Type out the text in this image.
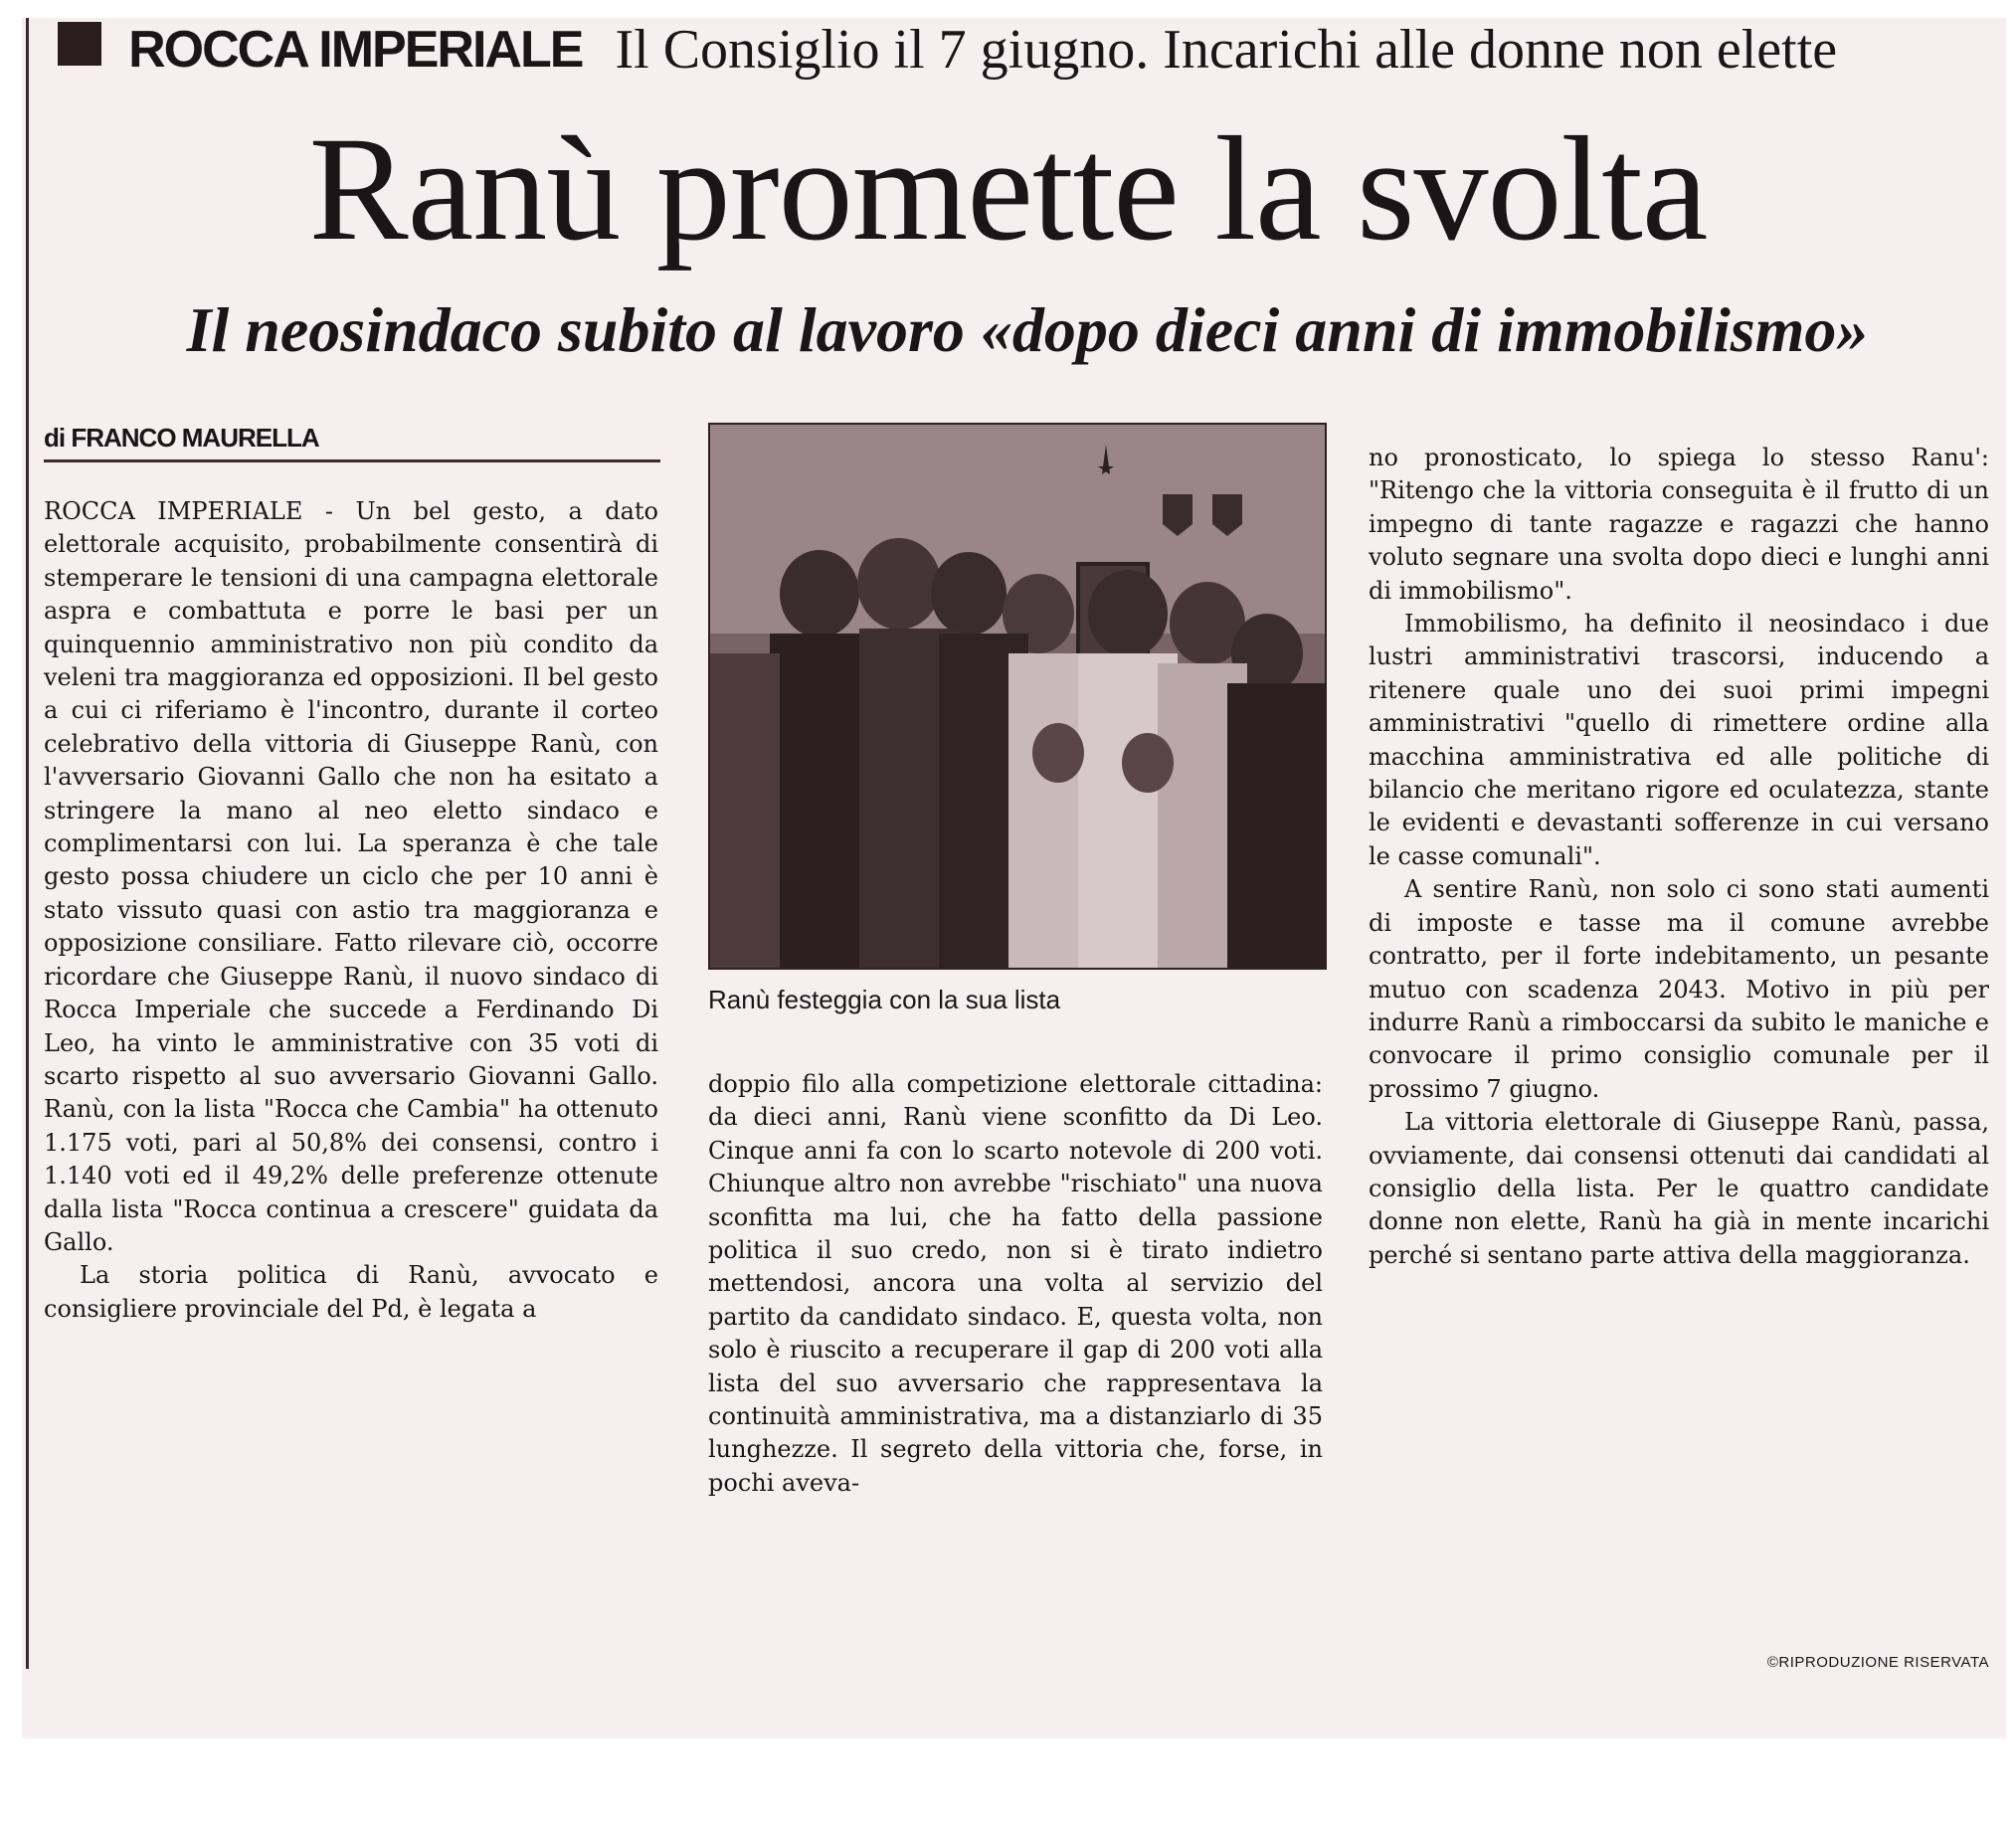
ROCCA IMPERIALE Il Consiglio il 7 giugno. Incarichi alle donne non elette
Ranù promette la svolta
Il neosindaco subito al lavoro «dopo dieci anni di immobilismo»
di FRANCO MAURELLA

ROCCA IMPERIALE - Un bel gesto, a dato elettorale acquisito, probabilmente consentirà di stemperare le tensioni di una campagna elettorale aspra e combattuta e porre le basi per un quinquennio amministrativo non più condito da veleni tra maggioranza ed opposizioni. Il bel gesto a cui ci riferiamo è l'incontro, durante il corteo celebrativo della vittoria di Giuseppe Ranù, con l'avversario Giovanni Gallo che non ha esitato a stringere la mano al neo eletto sindaco e complimentarsi con lui. La speranza è che tale gesto possa chiudere un ciclo che per 10 anni è stato vissuto quasi con astio tra maggioranza e opposizione consiliare. Fatto rilevare ciò, occorre ricordare che Giuseppe Ranù, il nuovo sindaco di Rocca Imperiale che succede a Ferdinando Di Leo, ha vinto le amministrative con 35 voti di scarto rispetto al suo avversario Giovanni Gallo. Ranù, con la lista "Rocca che Cambia" ha ottenuto 1.175 voti, pari al 50,8% dei consensi, contro i 1.140 voti ed il 49,2% delle preferenze ottenute dalla lista "Rocca continua a crescere" guidata da Gallo.

La storia politica di Ranù, avvocato e consigliere provinciale del Pd, è legata a

Ranù festeggia con la sua lista

doppio filo alla competizione elettorale cittadina: da dieci anni, Ranù viene sconfitto da Di Leo. Cinque anni fa con lo scarto notevole di 200 voti. Chiunque altro non avrebbe "rischiato" una nuova sconfitta ma lui, che ha fatto della passione politica il suo credo, non si è tirato indietro mettendosi, ancora una volta al servizio del partito da candidato sindaco. E, questa volta, non solo è riuscito a recuperare il gap di 200 voti alla lista del suo avversario che rappresentava la continuità amministrativa, ma a distanziarlo di 35 lunghezze. Il segreto della vittoria che, forse, in pochi aveva-

no pronosticato, lo spiega lo stesso Ranu': "Ritengo che la vittoria conseguita è il frutto di un impegno di tante ragazze e ragazzi che hanno voluto segnare una svolta dopo dieci e lunghi anni di immobilismo".

Immobilismo, ha definito il neosindaco i due lustri amministrativi trascorsi, inducendo a ritenere quale uno dei suoi primi impegni amministrativi "quello di rimettere ordine alla macchina amministrativa ed alle politiche di bilancio che meritano rigore ed oculatezza, stante le evidenti e devastanti sofferenze in cui versano le casse comunali".

A sentire Ranù, non solo ci sono stati aumenti di imposte e tasse ma il comune avrebbe contratto, per il forte indebitamento, un pesante mutuo con scadenza 2043. Motivo in più per indurre Ranù a rimboccarsi da subito le maniche e convocare il primo consiglio comunale per il prossimo 7 giugno.

La vittoria elettorale di Giuseppe Ranù, passa, ovviamente, dai consensi ottenuti dai candidati al consiglio della lista. Per le quattro candidate donne non elette, Ranù ha già in mente incarichi perché si sentano parte attiva della maggioranza.

©RIPRODUZIONE RISERVATA
